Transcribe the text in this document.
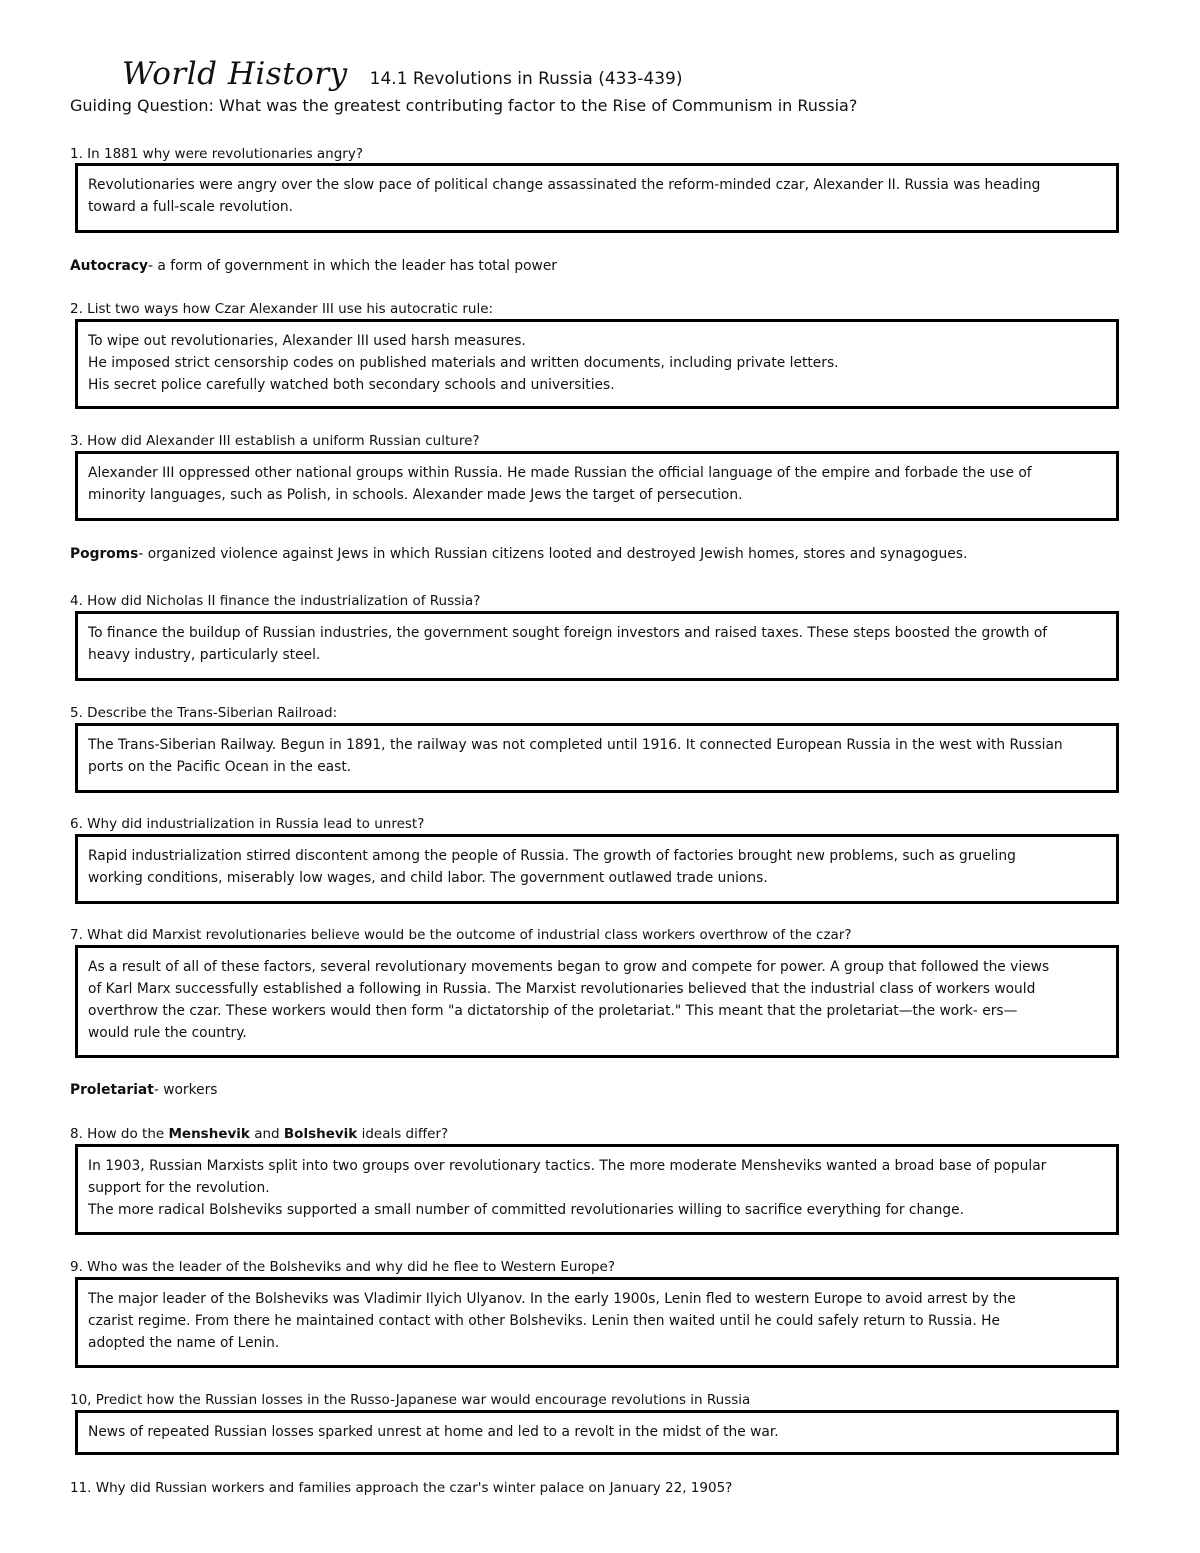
World History 14.1 Revolutions in Russia (433-439)
Guiding Question: What was the greatest contributing factor to the Rise of Communism in Russia?
1. In 1881 why were revolutionaries angry?
Revolutionaries were angry over the slow pace of political change assassinated the reform-minded czar, Alexander II. Russia was heading
toward a full-scale revolution.
Autocracy- a form of government in which the leader has total power
2. List two ways how Czar Alexander III use his autocratic rule:
To wipe out revolutionaries, Alexander III used harsh measures.
He imposed strict censorship codes on published materials and written documents, including private letters.
His secret police carefully watched both secondary schools and universities.
3. How did Alexander III establish a uniform Russian culture?
Alexander III oppressed other national groups within Russia. He made Russian the official language of the empire and forbade the use of
minority languages, such as Polish, in schools. Alexander made Jews the target of persecution.
Pogroms- organized violence against Jews in which Russian citizens looted and destroyed Jewish homes, stores and synagogues.
4. How did Nicholas II finance the industrialization of Russia?
To finance the buildup of Russian industries, the government sought foreign investors and raised taxes. These steps boosted the growth of
heavy industry, particularly steel.
5. Describe the Trans-Siberian Railroad:
The Trans-Siberian Railway. Begun in 1891, the railway was not completed until 1916. It connected European Russia in the west with Russian
ports on the Pacific Ocean in the east.
6. Why did industrialization in Russia lead to unrest?
Rapid industrialization stirred discontent among the people of Russia. The growth of factories brought new problems, such as grueling
working conditions, miserably low wages, and child labor. The government outlawed trade unions.
7. What did Marxist revolutionaries believe would be the outcome of industrial class workers overthrow of the czar?
As a result of all of these factors, several revolutionary movements began to grow and compete for power. A group that followed the views
of Karl Marx successfully established a following in Russia. The Marxist revolutionaries believed that the industrial class of workers would
overthrow the czar. These workers would then form "a dictatorship of the proletariat." This meant that the proletariat—the work- ers—
would rule the country.
Proletariat- workers
8. How do the Menshevik and Bolshevik ideals differ?
In 1903, Russian Marxists split into two groups over revolutionary tactics. The more moderate Mensheviks wanted a broad base of popular
support for the revolution.
The more radical Bolsheviks supported a small number of committed revolutionaries willing to sacrifice everything for change.
9. Who was the leader of the Bolsheviks and why did he flee to Western Europe?
The major leader of the Bolsheviks was Vladimir Ilyich Ulyanov. In the early 1900s, Lenin fled to western Europe to avoid arrest by the
czarist regime. From there he maintained contact with other Bolsheviks. Lenin then waited until he could safely return to Russia. He
adopted the name of Lenin.
10, Predict how the Russian losses in the Russo-Japanese war would encourage revolutions in Russia
News of repeated Russian losses sparked unrest at home and led to a revolt in the midst of the war.
11. Why did Russian workers and families approach the czar's winter palace on January 22, 1905?
